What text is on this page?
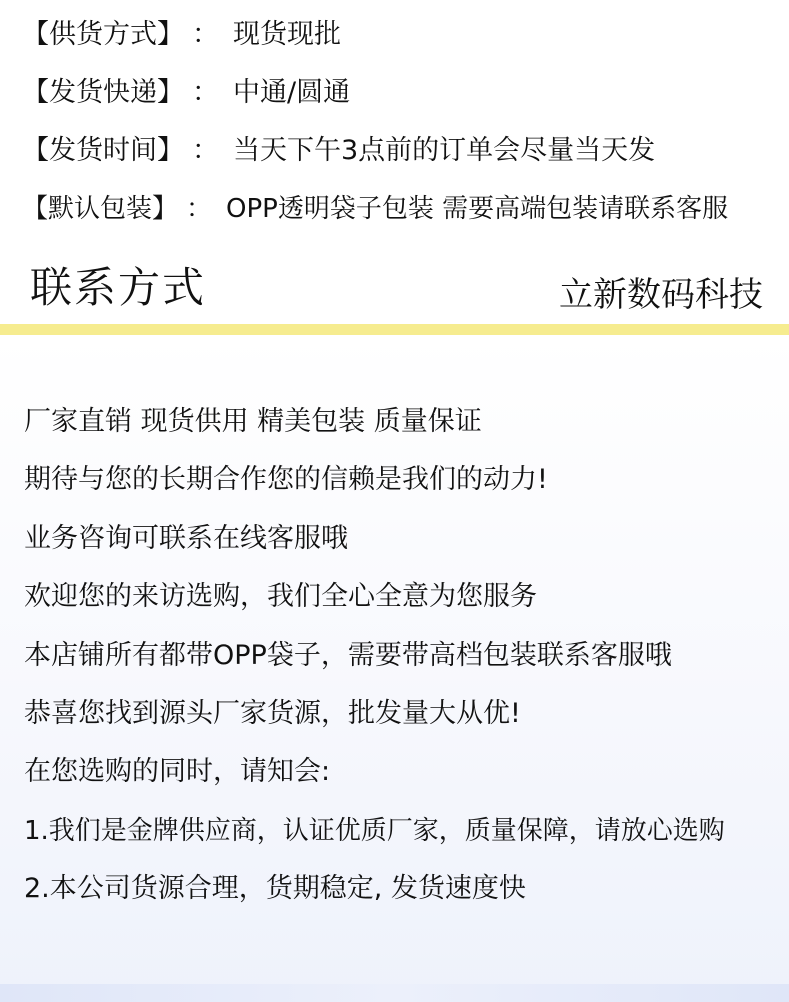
【供货方式】 ： 现货现批
【发货快递】 ： 中通/圆通
【发货时间】 ： 当天下午3点前的订单会尽量当天发
【默认包装】 ： OPP透明袋子包装 需要高端包装请联系客服
联系方式	立新数码科技
厂家直销 现货供用 精美包装 质量保证
期待与您的长期合作您的信赖是我们的动力!
业务咨询可联系在线客服哦
欢迎您的来访选购，我们全心全意为您服务
本店铺所有都带OPP袋子，需要带高档包装联系客服哦
恭喜您找到源头厂家货源，批发量大从优!
在您选购的同时，请知会:
1.我们是金牌供应商，认证优质厂家，质量保障，请放心选购
2.本公司货源合理，货期稳定, 发货速度快
